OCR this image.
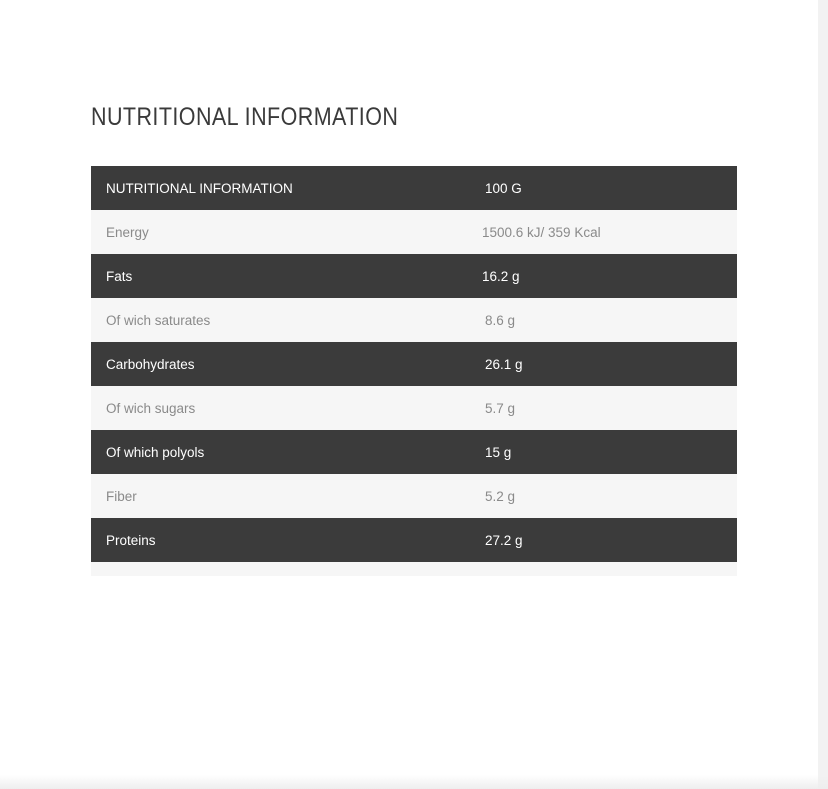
NUTRITIONAL INFORMATION
NUTRITIONAL INFORMATION	100 G
Energy	1500.6 kJ/ 359 Kcal
Fats	16.2 g
Of wich saturates	8.6 g
Carbohydrates	26.1 g
Of wich sugars	5.7 g
Of which polyols	15 g
Fiber	5.2 g
Proteins	27.2 g
